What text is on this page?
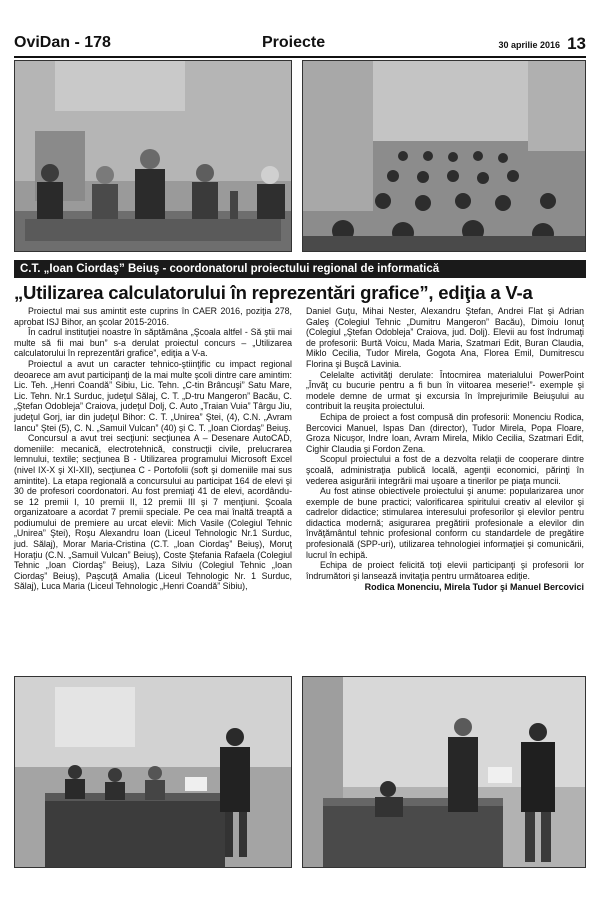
OviDan - 178	Proiecte	30 aprilie 2016 13
C.T. „Ioan Ciordaş” Beiuş - coordonatorul proiectului regional de informatică
„Utilizarea calculatorului în reprezentări grafice”, ediţia a V-a

Proiectul mai sus amintit este cuprins în CAER 2016, poziţia 278, aprobat ISJ Bihor, an şcolar 2015-2016.

În cadrul instituţiei noastre în săptămâna „Şcoala altfel - Să ştii mai multe să fii mai bun” s-a derulat proiectul concurs – „Utilizarea calculatorului în reprezentări grafice”, ediţia a V-a.

Proiectul a avut un caracter tehnico-ştiinţific cu impact regional deoarece am avut participanţi de la mai multe şcoli dintre care amintim: Lic. Teh. „Henri Coandă” Sibiu, Lic. Tehn. „C-tin Brâncuşi” Satu Mare, Lic. Tehn. Nr.1 Surduc, judeţul Sălaj, C. T. „D-tru Mangeron” Bacău, C. „Ştefan Odobleja” Craiova, judeţul Dolj, C. Auto „Traian Vuia” Târgu Jiu, judeţul Gorj, iar din judeţul Bihor: C. T. „Unirea” Ştei, (4), C.N. „Avram Iancu” Ştei (5), C. N. „Samuil Vulcan” (40) şi C. T. „Ioan Ciordaş” Beiuş.

Concursul a avut trei secţiuni: secţiunea A – Desenare AutoCAD, domeniile: mecanică, electrotehnică, construcţii civile, prelucrarea lemnului, textile; secţiunea B - Utilizarea programului Microsoft Excel (nivel IX-X şi XI-XII), secţiunea C - Portofolii (soft şi domeniile mai sus amintite). La etapa regională a concursului au participat 164 de elevi şi 30 de profesori coordonatori. Au fost premiaţi 41 de elevi, acordându-se 12 premii I, 10 premii II, 12 premii III şi 7 menţiuni. Şcoala organizatoare a acordat 7 premii speciale. Pe cea mai înaltă treaptă a podiumului de premiere au urcat elevii: Mich Vasile (Colegiul Tehnic „Unirea” Ştei), Roşu Alexandru Ioan (Liceul Tehnologic Nr.1 Surduc, jud. Sălaj), Morar Maria-Cristina (C.T. „Ioan Ciordaş” Beiuş), Moruţ Horaţiu (C.N. „Samuil Vulcan” Beiuş), Coste Ştefania Rafaela (Colegiul Tehnic „Ioan Ciordaş” Beiuş), Laza Silviu (Colegiul Tehnic „Ioan Ciordaş” Beiuş), Paşcuţă Amalia (Liceul Tehnologic Nr. 1 Surduc, Sălaj), Luca Maria (Liceul Tehnologic „Henri Coandă” Sibiu),

Daniel Guţu, Mihai Nester, Alexandru Ştefan, Andrei Flat şi Adrian Galeş (Colegiul Tehnic „Dumitru Mangeron” Bacău), Dimoiu Ionuţ (Colegiul „Ştefan Odobleja” Craiova, jud. Dolj). Elevii au fost îndrumaţi de profesorii: Burtă Voicu, Mada Maria, Szatmari Edit, Buran Claudia, Miklo Cecilia, Tudor Mirela, Gogota Ana, Florea Emil, Dumitrescu Florina şi Buşcă Lavinia.

Celelalte activităţi derulate: Întocmirea materialului PowerPoint „Învăţ cu bucurie pentru a fi bun în viitoarea meserie!”- exemple şi modele demne de urmat şi excursia în împrejurimile Beiuşului au contribuit la reuşita proiectului.

Echipa de proiect a fost compusă din profesorii: Monenciu Rodica, Bercovici Manuel, Ispas Dan (director), Tudor Mirela, Popa Floare, Groza Nicuşor, Indre Ioan, Avram Mirela, Miklo Cecilia, Szatmari Edit, Cighir Claudia şi Fordon Zena.

Scopul proiectului a fost de a dezvolta relaţii de cooperare dintre şcoală, administraţia publică locală, agenţii economici, părinţi în vederea asigurării integrării mai uşoare a tinerilor pe piaţa muncii.

Au fost atinse obiectivele proiectului şi anume: popularizarea unor exemple de bune practici; valorificarea spiritului creativ al elevilor şi cadrelor didactice; stimularea interesului profesorilor şi elevilor pentru didactica modernă; asigurarea pregătirii profesionale a elevilor din învăţământul tehnic profesional conform cu standardele de pregătire profesională (SPP-uri), utilizarea tehnologiei informaţiei şi comunicării, lucrul în echipă.

Echipa de proiect felicită toţi elevii participanţi şi profesorii lor îndrumători şi lansează invitaţia pentru următoarea ediţie.

Rodica Monenciu, Mirela Tudor şi Manuel Bercovici
